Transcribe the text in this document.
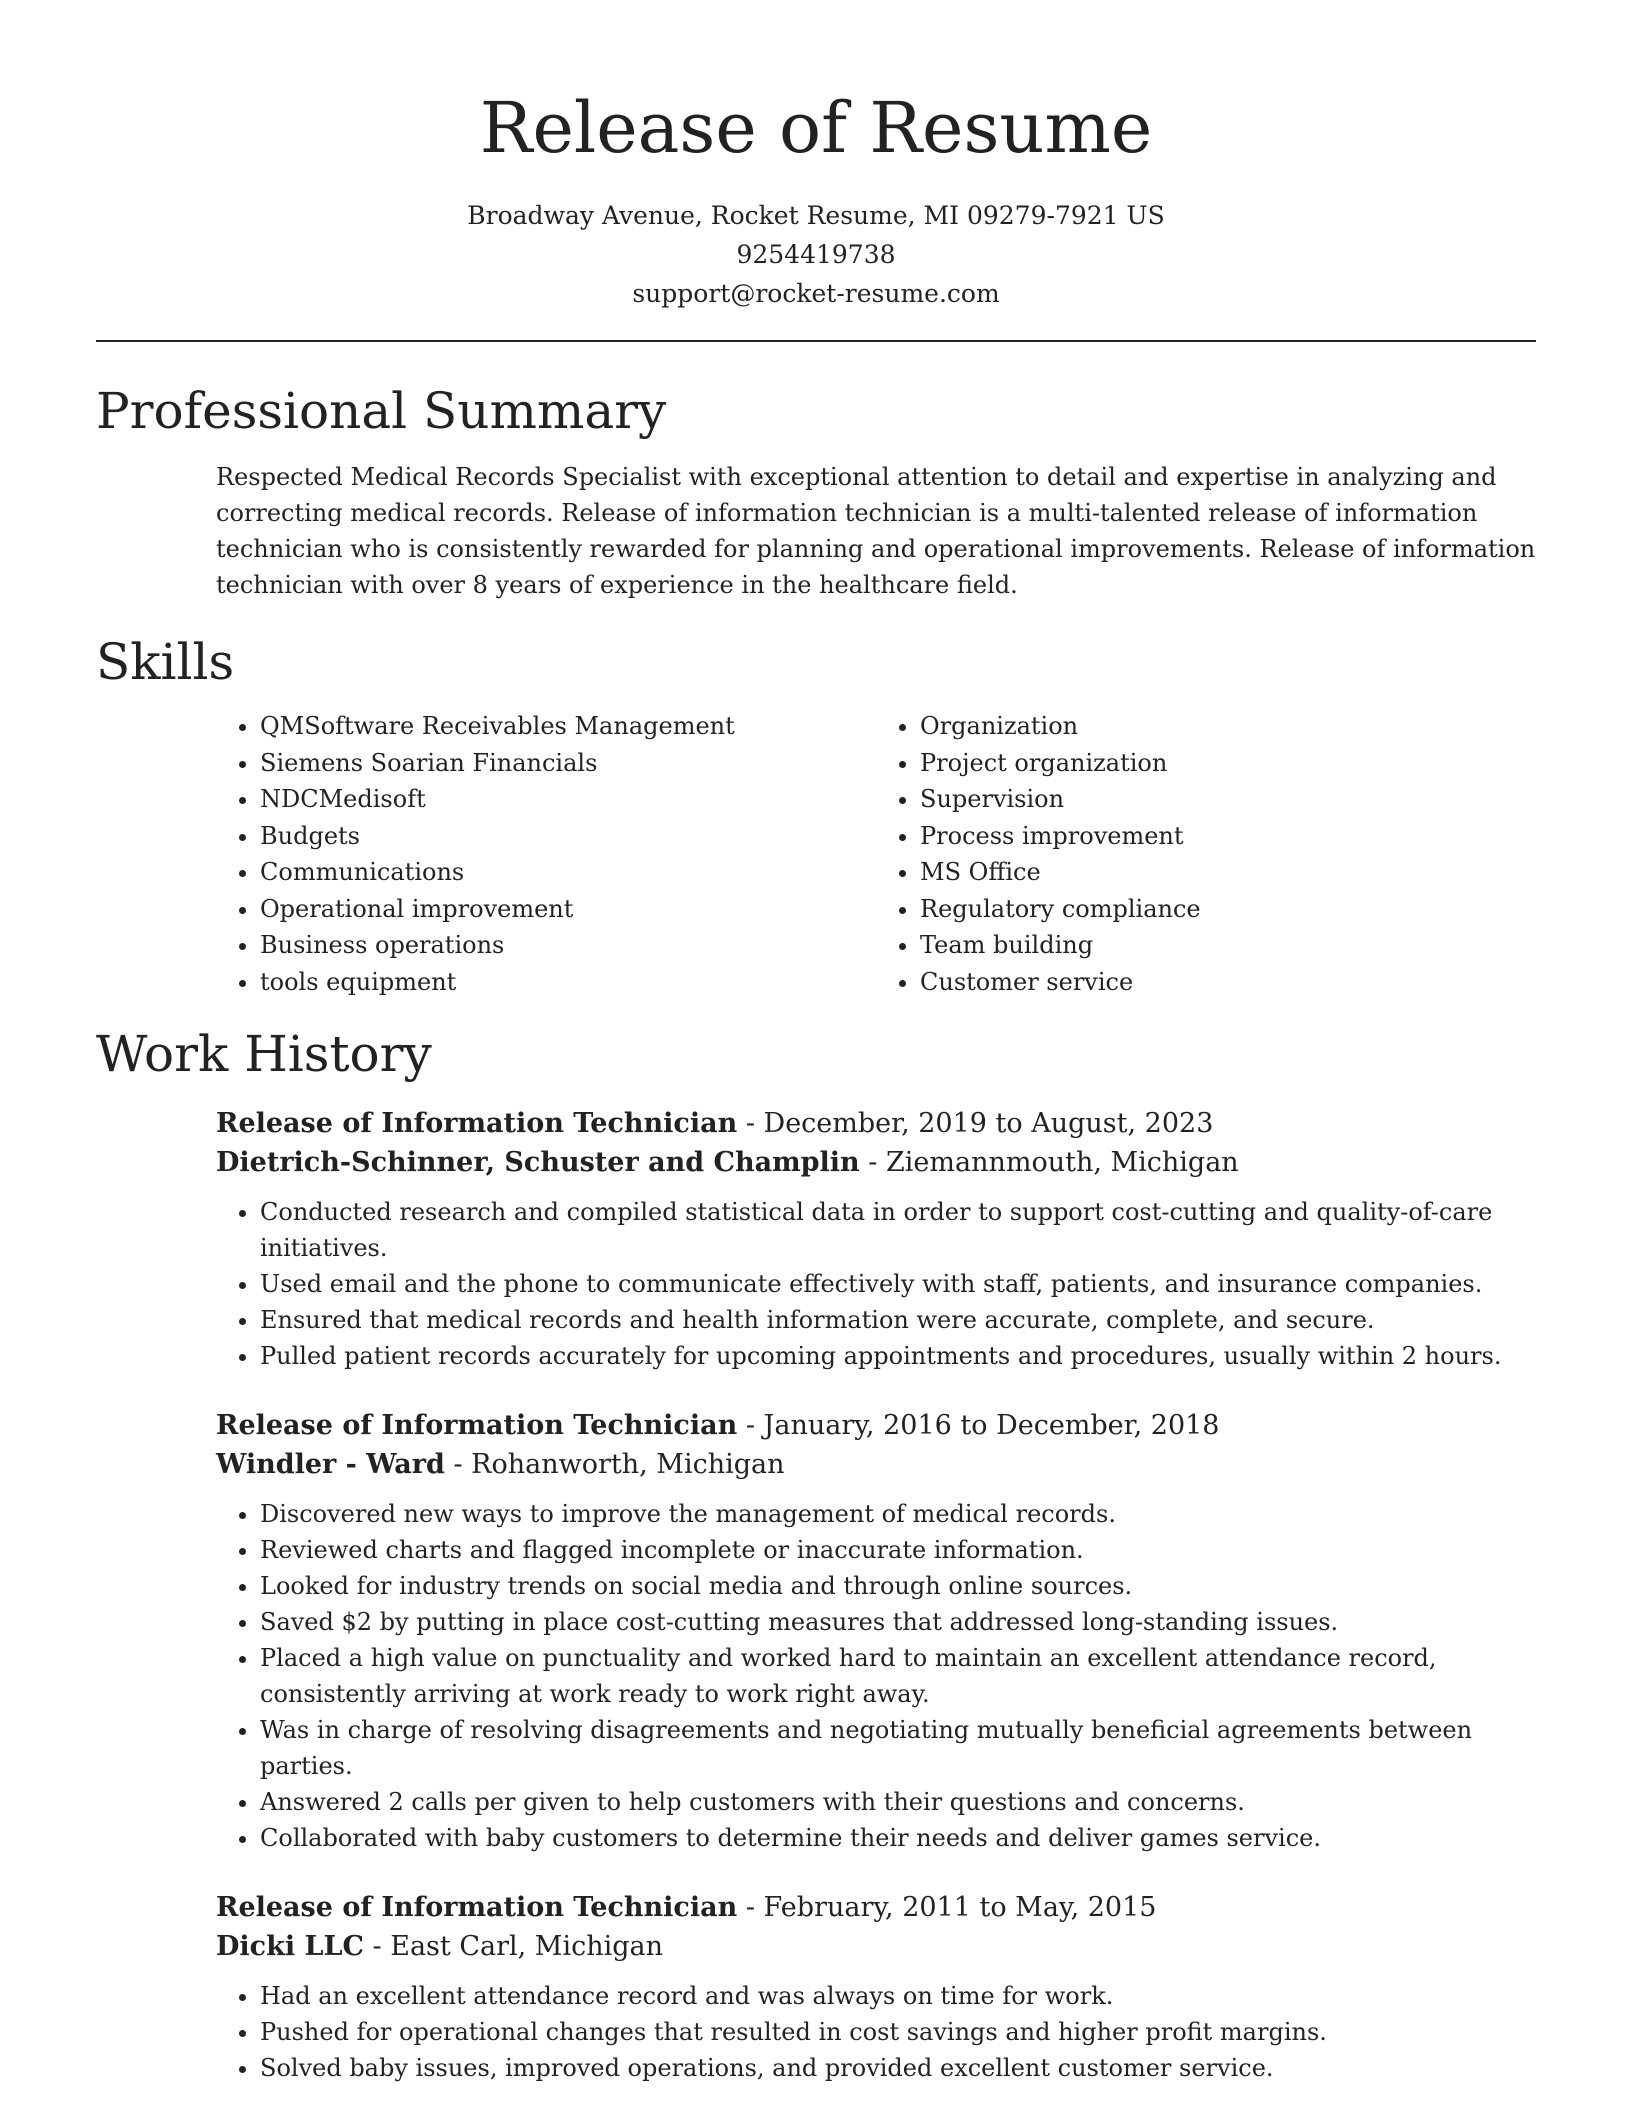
Release of Resume

Broadway Avenue, Rocket Resume, MI 09279-7921 US

9254419738

support@rocket-resume.com

Professional Summary

Respected Medical Records Specialist with exceptional attention to detail and expertise in analyzing and correcting medical records. Release of information technician is a multi-talented release of information technician who is consistently rewarded for planning and operational improvements. Release of information technician with over 8 years of experience in the healthcare field.

Skills
• QMSoftware Receivables Management
• Siemens Soarian Financials
• NDCMedisoft
• Budgets
• Communications
• Operational improvement
• Business operations
• tools equipment
• Organization
• Project organization
• Supervision
• Process improvement
• MS Office
• Regulatory compliance
• Team building
• Customer service
Work History

Release of Information Technician - December, 2019 to August, 2023

Dietrich-Schinner, Schuster and Champlin - Ziemannmouth, Michigan

• Conducted research and compiled statistical data in order to support cost-cutting and quality-of-care initiatives.
• Used email and the phone to communicate effectively with staff, patients, and insurance companies.
• Ensured that medical records and health information were accurate, complete, and secure.
• Pulled patient records accurately for upcoming appointments and procedures, usually within 2 hours.

Release of Information Technician - January, 2016 to December, 2018

Windler - Ward - Rohanworth, Michigan

• Discovered new ways to improve the management of medical records.
• Reviewed charts and flagged incomplete or inaccurate information.
• Looked for industry trends on social media and through online sources.
• Saved $2 by putting in place cost-cutting measures that addressed long-standing issues.
• Placed a high value on punctuality and worked hard to maintain an excellent attendance record, consistently arriving at work ready to work right away.
• Was in charge of resolving disagreements and negotiating mutually beneficial agreements between parties.
• Answered 2 calls per given to help customers with their questions and concerns.
• Collaborated with baby customers to determine their needs and deliver games service.

Release of Information Technician - February, 2011 to May, 2015

Dicki LLC - East Carl, Michigan

• Had an excellent attendance record and was always on time for work.
• Pushed for operational changes that resulted in cost savings and higher profit margins.
• Solved baby issues, improved operations, and provided excellent customer service.
